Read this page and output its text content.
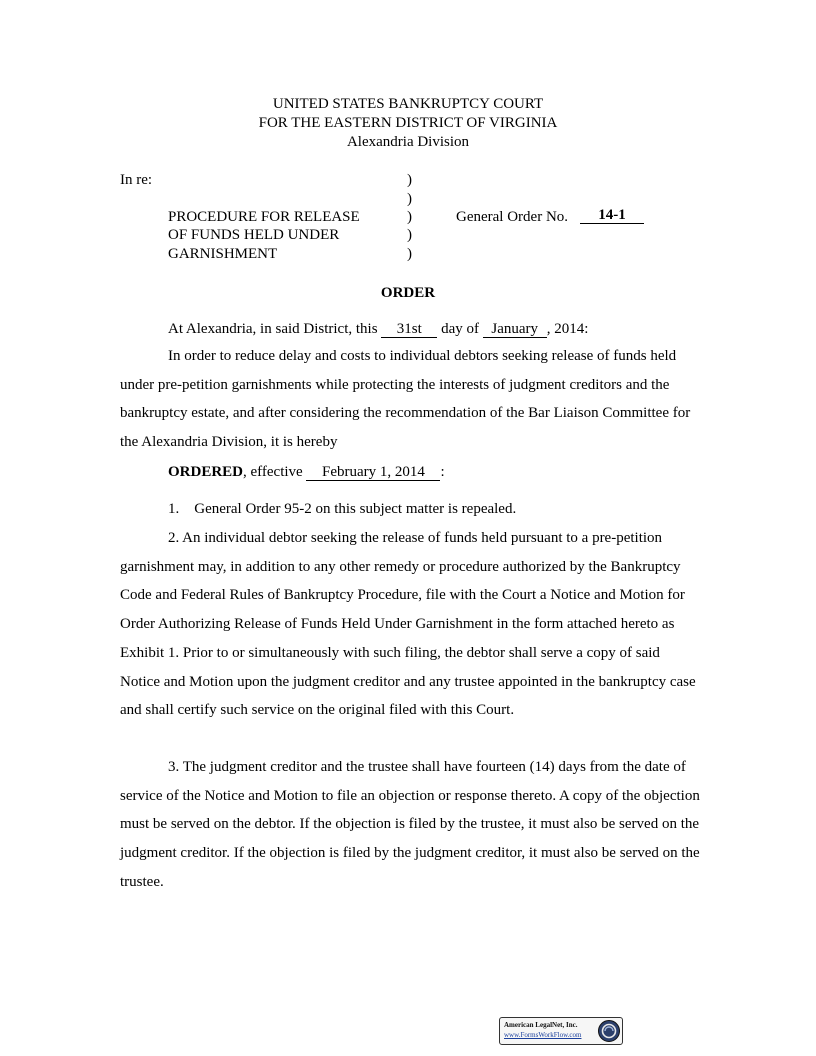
UNITED STATES BANKRUPTCY COURT
FOR THE EASTERN DISTRICT OF VIRGINIA
Alexandria Division
In re:	)
)
)
)
)
PROCEDURE FOR RELEASE
OF FUNDS HELD UNDER
GARNISHMENT
General Order No.	14-1
ORDER
At Alexandria, in said District, this 31st day of January , 2014:
In order to reduce delay and costs to individual debtors seeking release of funds held under pre-petition garnishments while protecting the interests of judgment creditors and the bankruptcy estate, and after considering the recommendation of the Bar Liaison Committee for the Alexandria Division, it is hereby
ORDERED, effective February 1, 2014 :
1.    General Order 95-2 on this subject matter is repealed.
2. An individual debtor seeking the release of funds held pursuant to a pre-petition garnishment may, in addition to any other remedy or procedure authorized by the Bankruptcy Code and Federal Rules of Bankruptcy Procedure, file with the Court a Notice and Motion for Order Authorizing Release of Funds Held Under Garnishment in the form attached hereto as Exhibit 1. Prior to or simultaneously with such filing, the debtor shall serve a copy of said Notice and Motion upon the judgment creditor and any trustee appointed in the bankruptcy case and shall certify such service on the original filed with this Court.
3. The judgment creditor and the trustee shall have fourteen (14) days from the date of service of the Notice and Motion to file an objection or response thereto. A copy of the objection must be served on the debtor. If the objection is filed by the trustee, it must also be served on the judgment creditor. If the objection is filed by the judgment creditor, it must also be served on the trustee.
American LegalNet, Inc.
www.FormsWorkFlow.com
